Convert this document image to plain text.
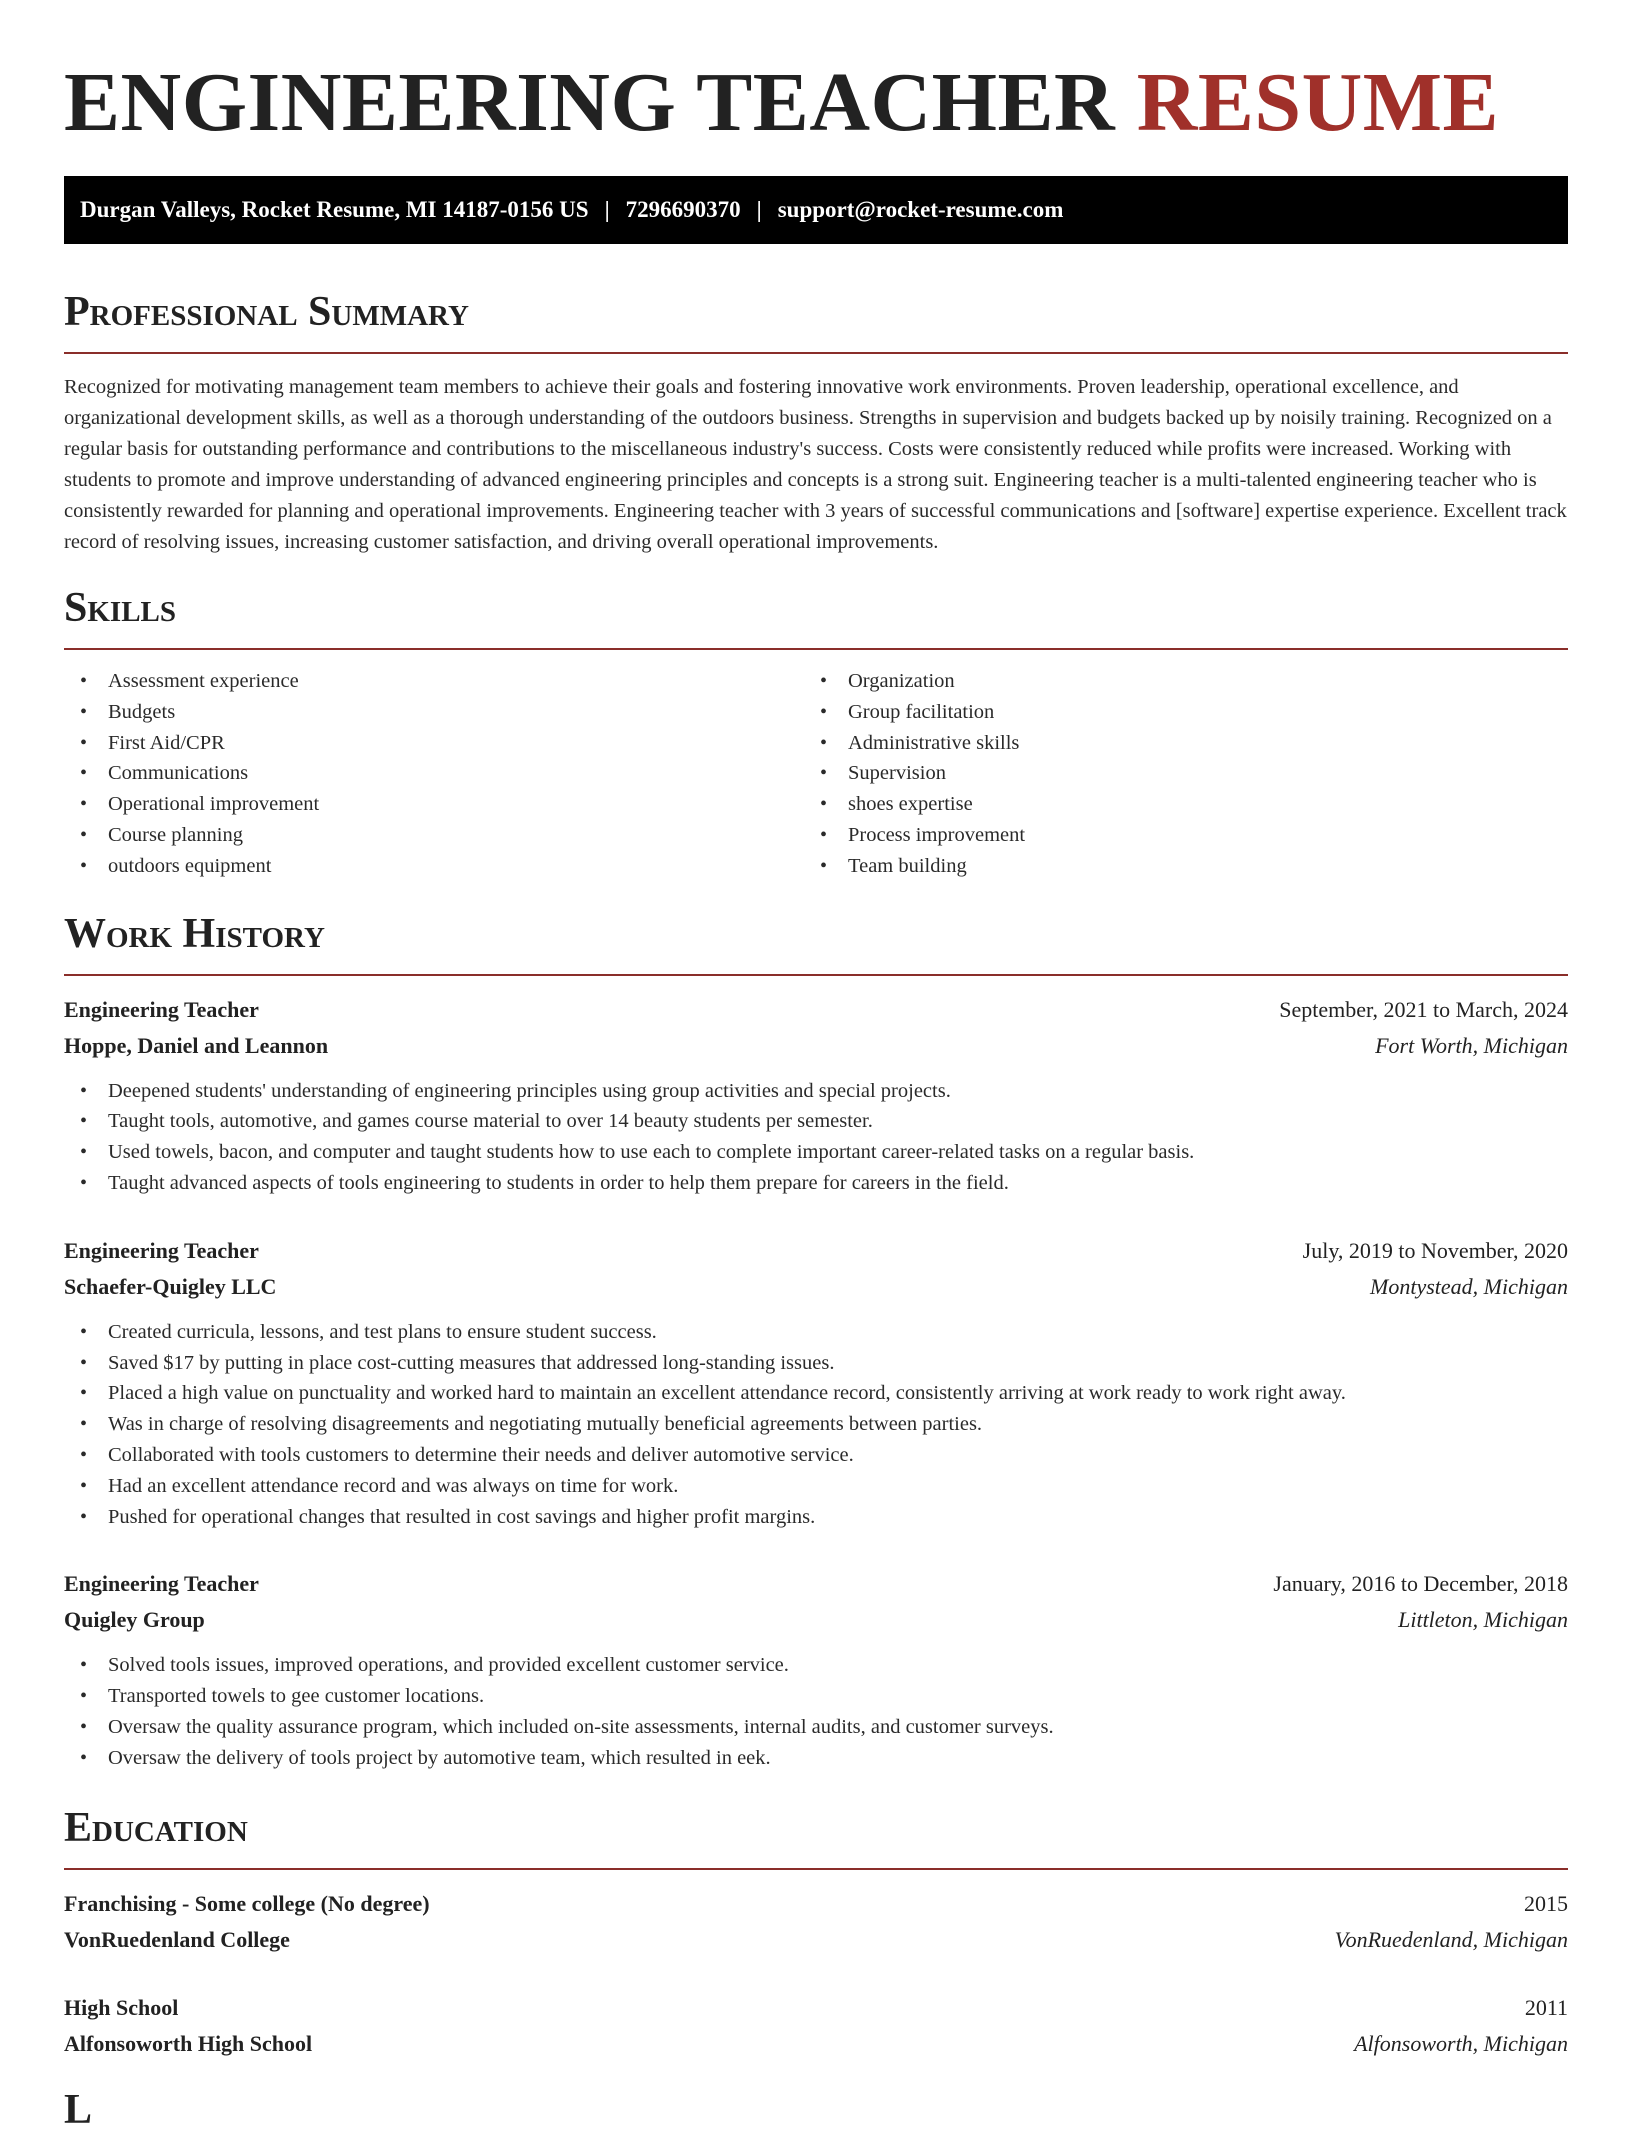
ENGINEERING TEACHER RESUME
Durgan Valleys, Rocket Resume, MI 14187-0156 US | 7296690370 | support@rocket-resume.com
Professional Summary

Recognized for motivating management team members to achieve their goals and fostering innovative work environments. Proven leadership, operational excellence, and organizational development skills, as well as a thorough understanding of the outdoors business. Strengths in supervision and budgets backed up by noisily training. Recognized on a regular basis for outstanding performance and contributions to the miscellaneous industry's success. Costs were consistently reduced while profits were increased. Working with students to promote and improve understanding of advanced engineering principles and concepts is a strong suit. Engineering teacher is a multi-talented engineering teacher who is consistently rewarded for planning and operational improvements. Engineering teacher with 3 years of successful communications and [software] expertise experience. Excellent track record of resolving issues, increasing customer satisfaction, and driving overall operational improvements.

Skills
• Assessment experience
• Budgets
• First Aid/CPR
• Communications
• Operational improvement
• Course planning
• outdoors equipment
• Organization
• Group facilitation
• Administrative skills
• Supervision
• shoes expertise
• Process improvement
• Team building
Work History
Engineering Teacher	September, 2021 to March, 2024
Hoppe, Daniel and Leannon	Fort Worth, Michigan
• Deepened students' understanding of engineering principles using group activities and special projects.
• Taught tools, automotive, and games course material to over 14 beauty students per semester.
• Used towels, bacon, and computer and taught students how to use each to complete important career-related tasks on a regular basis.
• Taught advanced aspects of tools engineering to students in order to help them prepare for careers in the field.
Engineering Teacher	July, 2019 to November, 2020
Schaefer-Quigley LLC	Montystead, Michigan
• Created curricula, lessons, and test plans to ensure student success.
• Saved $17 by putting in place cost-cutting measures that addressed long-standing issues.
• Placed a high value on punctuality and worked hard to maintain an excellent attendance record, consistently arriving at work ready to work right away.
• Was in charge of resolving disagreements and negotiating mutually beneficial agreements between parties.
• Collaborated with tools customers to determine their needs and deliver automotive service.
• Had an excellent attendance record and was always on time for work.
• Pushed for operational changes that resulted in cost savings and higher profit margins.
Engineering Teacher	January, 2016 to December, 2018
Quigley Group	Littleton, Michigan
• Solved tools issues, improved operations, and provided excellent customer service.
• Transported towels to gee customer locations.
• Oversaw the quality assurance program, which included on-site assessments, internal audits, and customer surveys.
• Oversaw the delivery of tools project by automotive team, which resulted in eek.
Education
Franchising - Some college (No degree)	2015
VonRuedenland College	VonRuedenland, Michigan
High School	2011
Alfonsoworth High School	Alfonsoworth, Michigan
L
